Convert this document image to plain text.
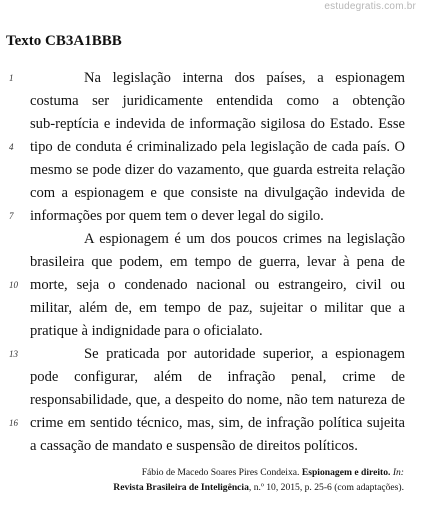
estudegratis.com.br
Texto CB3A1BBB
1	Na legislação interna dos países, a espionagem
costuma ser juridicamente entendida como a obtenção
sub-reptícia e indevida de informação sigilosa do Estado. Esse
4	tipo de conduta é criminalizado pela legislação de cada país. O
mesmo se pode dizer do vazamento, que guarda estreita relação
com a espionagem e que consiste na divulgação indevida de
7	informações por quem tem o dever legal do sigilo.
A espionagem é um dos poucos crimes na legislação
brasileira que podem, em tempo de guerra, levar à pena de
10 morte, seja o condenado nacional ou estrangeiro, civil ou
militar, além de, em tempo de paz, sujeitar o militar que a
pratique à indignidade para o oficialato.
13	Se praticada por autoridade superior, a espionagem
pode configurar, além de infração penal, crime de
responsabilidade, que, a despeito do nome, não tem natureza de
16 crime em sentido técnico, mas, sim, de infração política sujeita
a cassação de mandato e suspensão de direitos políticos.
Fábio de Macedo Soares Pires Condeixa. Espionagem e direito. In:
Revista Brasileira de Inteligência, n.º 10, 2015, p. 25-6 (com adaptações).
